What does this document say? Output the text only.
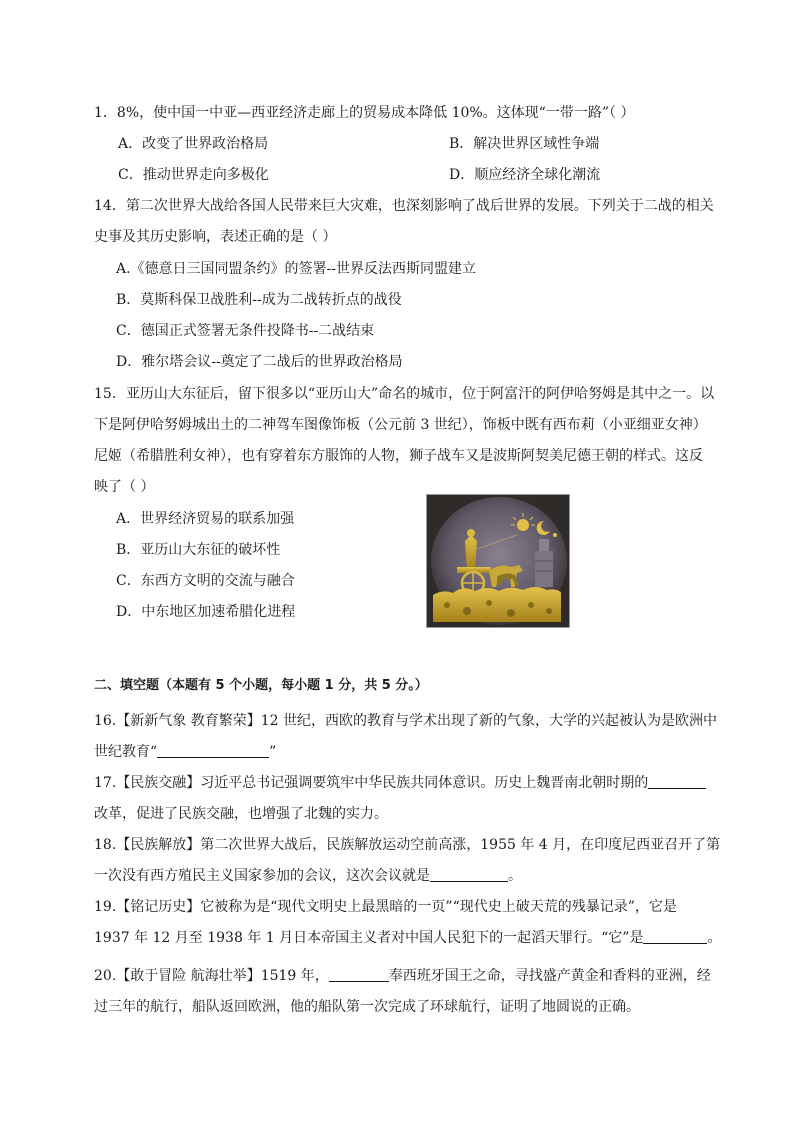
1．8%，使中国一中亚—西亚经济走廊上的贸易成本降低 10%。这体现“一带一路”（ ）
A．改变了世界政治格局	B．解决世界区域性争端
C．推动世界走向多极化	D．顺应经济全球化潮流
14．第二次世界大战给各国人民带来巨大灾难，也深刻影响了战后世界的发展。下列关于二战的相关
史事及其历史影响，表述正确的是（ ）
A.《德意日三国同盟条约》的签署--世界反法西斯同盟建立
B．莫斯科保卫战胜利--成为二战转折点的战役
C．德国正式签署无条件投降书--二战结束
D．雅尔塔会议--奠定了二战后的世界政治格局
15．亚历山大东征后，留下很多以“亚历山大”命名的城市，位于阿富汗的阿伊哈努姆是其中之一。以
下是阿伊哈努姆城出土的二神驾车图像饰板（公元前 3 世纪），饰板中既有西布莉（小亚细亚女神）
尼姬（希腊胜利女神），也有穿着东方服饰的人物，狮子战车又是波斯阿契美尼德王朝的样式。这反
映了（ ）
A．世界经济贸易的联系加强
B．亚历山大东征的破坏性
C．东西方文明的交流与融合
D．中东地区加速希腊化进程
二、填空题（本题有 5 个小题，每小题 1 分，共 5 分。）
16.【新新气象 教育繁荣】12 世纪，西欧的教育与学术出现了新的气象，大学的兴起被认为是欧洲中
世纪教育“	”
17.【民族交融】习近平总书记强调要筑牢中华民族共同体意识。历史上魏晋南北朝时期的
改革，促进了民族交融，也增强了北魏的实力。
18.【民族解放】第二次世界大战后，民族解放运动空前高涨，1955 年 4 月，在印度尼西亚召开了第
一次没有西方殖民主义国家参加的会议，这次会议就是	。
19.【铭记历史】它被称为是“现代文明史上最黑暗的一页”“现代史上破天荒的残暴记录”，它是
1937 年 12 月至 1938 年 1 月日本帝国主义者对中国人民犯下的一起滔天罪行。“它”是	。
20.【敢于冒险 航海壮举】1519 年，	奉西班牙国王之命，寻找盛产黄金和香料的亚洲，经
过三年的航行，船队返回欧洲，他的船队第一次完成了环球航行，证明了地圆说的正确。
